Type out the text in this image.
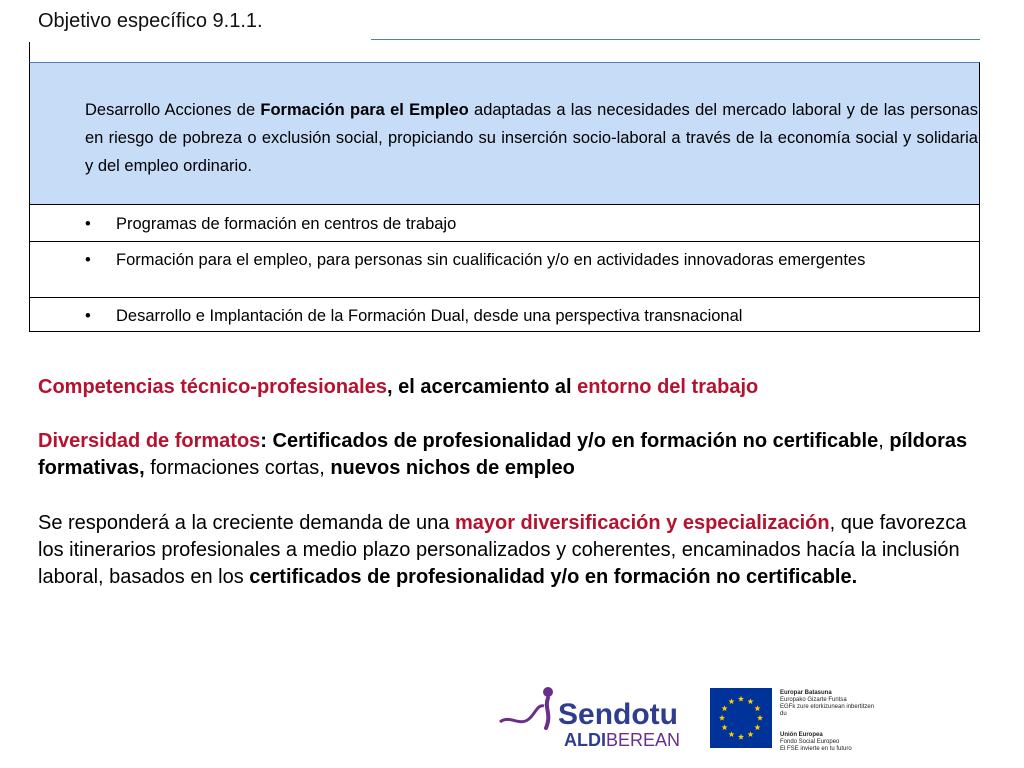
Objetivo específico 9.1.1.
Desarrollo Acciones de Formación para el Empleo adaptadas a las necesidades del mercado laboral y de las personas en riesgo de pobreza o exclusión social, propiciando su inserción socio-laboral a través de la economía social y solidaria y del empleo ordinario.
• Programas de formación en centros de trabajo
• Formación para el empleo, para personas sin cualificación y/o en actividades innovadoras emergentes
• Desarrollo e Implantación de la Formación Dual, desde una perspectiva transnacional
Competencias técnico-profesionales, el acercamiento al entorno del trabajo
Diversidad de formatos: Certificados de profesionalidad y/o en formación no certificable, píldoras formativas, formaciones cortas, nuevos nichos de empleo
Se responderá a la creciente demanda de una mayor diversificación y especialización, que favorezca los itinerarios profesionales a medio plazo personalizados y coherentes, encaminados hacía la inclusión laboral, basados en los certificados de profesionalidad y/o en formación no certificable.
Sendotu
ALDI BEREAN
Europar Batasuna
Europako Gizarte Funtsa
EGFk zure etorkizunean inbertitzen du
Unión Europea
Fondo Social Europeo
El FSE invierte en tu futuro
